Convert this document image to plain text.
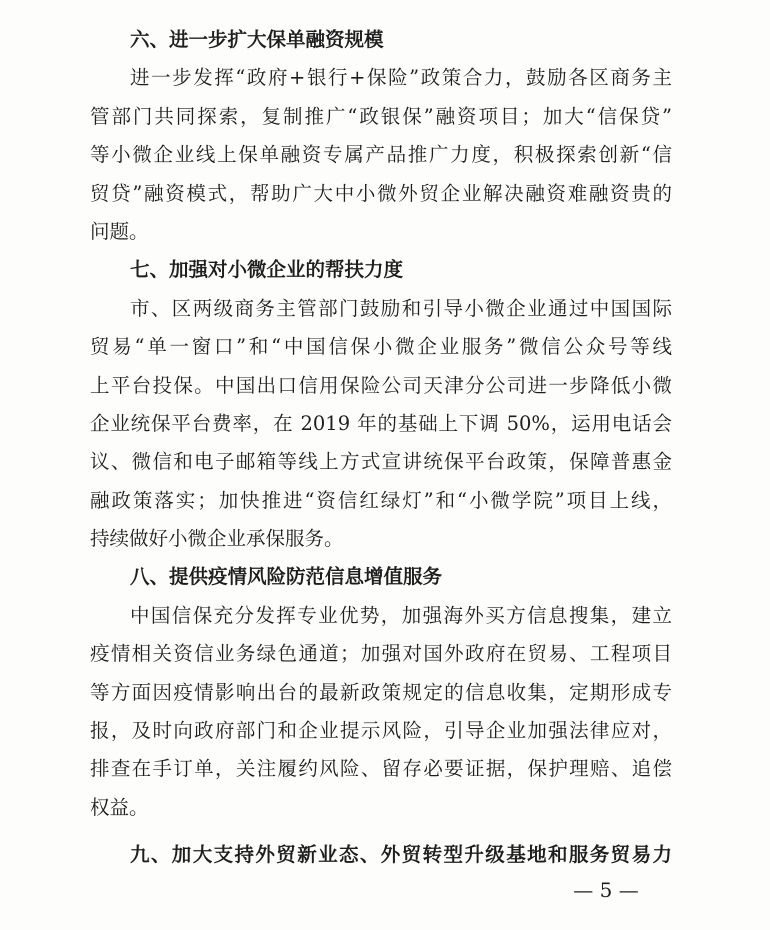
六、进一步扩大保单融资规模
进一步发挥“政府+银行+保险”政策合力，鼓励各区商务主
管部门共同探索，复制推广“政银保”融资项目；加大“信保贷”
等小微企业线上保单融资专属产品推广力度，积极探索创新“信
贸贷”融资模式，帮助广大中小微外贸企业解决融资难融资贵的
问题。
七、加强对小微企业的帮扶力度
市、区两级商务主管部门鼓励和引导小微企业通过中国国际
贸易“单一窗口”和“中国信保小微企业服务”微信公众号等线
上平台投保。中国出口信用保险公司天津分公司进一步降低小微
企业统保平台费率，在 2019 年的基础上下调 50%，运用电话会
议、微信和电子邮箱等线上方式宣讲统保平台政策，保障普惠金
融政策落实；加快推进“资信红绿灯”和“小微学院”项目上线，
持续做好小微企业承保服务。
八、提供疫情风险防范信息增值服务
中国信保充分发挥专业优势，加强海外买方信息搜集，建立
疫情相关资信业务绿色通道；加强对国外政府在贸易、工程项目
等方面因疫情影响出台的最新政策规定的信息收集，定期形成专
报，及时向政府部门和企业提示风险，引导企业加强法律应对，
排查在手订单，关注履约风险、留存必要证据，保护理赔、追偿
权益。
九、加大支持外贸新业态、外贸转型升级基地和服务贸易力
— 5 —
